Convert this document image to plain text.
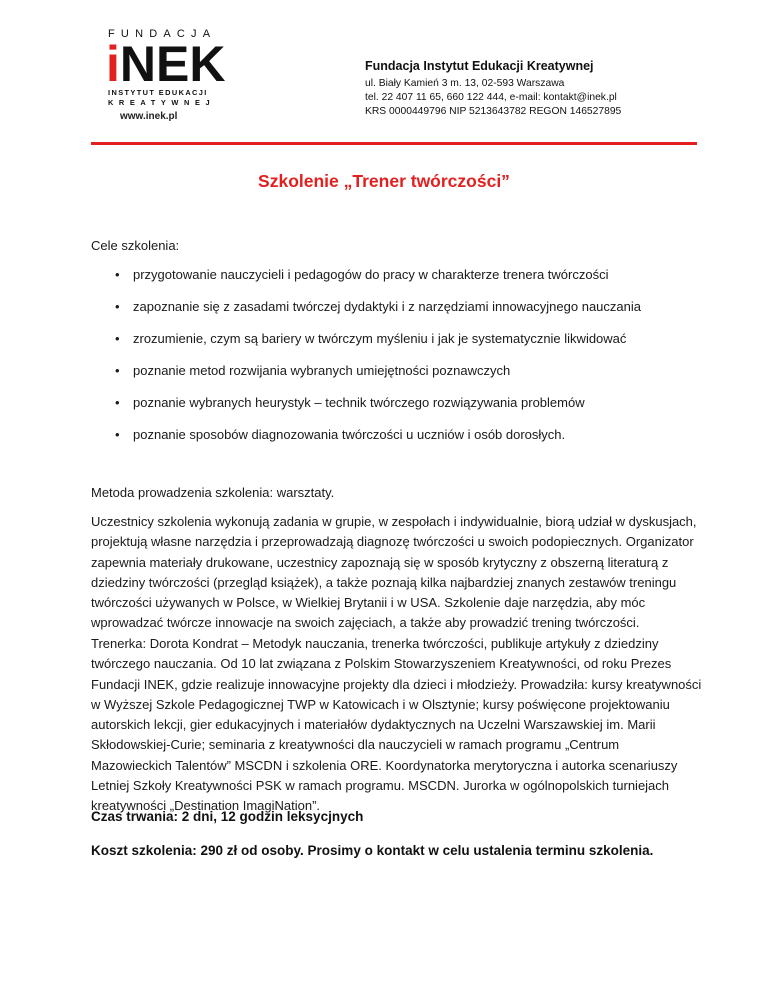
FUNDACJA
i N E K
INSTYTUT EDUKACJI
KREATYWNEJ
www.inek.pl
Fundacja Instytut Edukacji Kreatywnej
ul. Biały Kamień 3 m. 13, 02-593 Warszawa
tel. 22 407 11 65, 660 122 444, e-mail: kontakt@inek.pl
KRS 0000449796 NIP 5213643782 REGON 146527895
Szkolenie „Trener twórczości”
Cele szkolenia:
• przygotowanie nauczycieli i pedagogów do pracy w charakterze trenera twórczości
• zapoznanie się z zasadami twórczej dydaktyki i z narzędziami innowacyjnego nauczania
• zrozumienie, czym są bariery w twórczym myśleniu i jak je systematycznie likwidować
• poznanie metod rozwijania wybranych umiejętności poznawczych
• poznanie wybranych heurystyk – technik twórczego rozwiązywania problemów
• poznanie sposobów diagnozowania twórczości u uczniów i osób dorosłych.
Metoda prowadzenia szkolenia: warsztaty.

Uczestnicy szkolenia wykonują zadania w grupie, w zespołach i indywidualnie, biorą udział w dyskusjach, projektują własne narzędzia i przeprowadzają diagnozę twórczości u swoich podopiecznych. Organizator zapewnia materiały drukowane, uczestnicy zapoznają się w sposób krytyczny z obszerną literaturą z dziedziny twórczości (przegląd książek), a także poznają kilka najbardziej znanych zestawów treningu twórczości używanych w Polsce, w Wielkiej Brytanii i w USA. Szkolenie daje narzędzia, aby móc wprowadzać twórcze innowacje na swoich zajęciach, a także aby prowadzić trening twórczości.

Trenerka: Dorota Kondrat – Metodyk nauczania, trenerka twórczości, publikuje artykuły z dziedziny twórczego nauczania. Od 10 lat związana z Polskim Stowarzyszeniem Kreatywności, od roku Prezes Fundacji INEK, gdzie realizuje innowacyjne projekty dla dzieci i młodzieży. Prowadziła: kursy kreatywności w Wyższej Szkole Pedagogicznej TWP w Katowicach i w Olsztynie; kursy poświęcone projektowaniu autorskich lekcji, gier edukacyjnych i materiałów dydaktycznych na Uczelni Warszawskiej im. Marii Skłodowskiej-Curie; seminaria z kreatywności dla nauczycieli w ramach programu „Centrum Mazowieckich Talentów” MSCDN i szkolenia ORE. Koordynatorka merytoryczna i autorka scenariuszy Letniej Szkoły Kreatywności PSK w ramach programu. MSCDN. Jurorka w ogólnopolskich turniejach kreatywności „Destination ImagiNation”.

Czas trwania: 2 dni, 12 godzin leksycjnych
Koszt szkolenia: 290 zł od osoby. Prosimy o kontakt w celu ustalenia terminu szkolenia.
